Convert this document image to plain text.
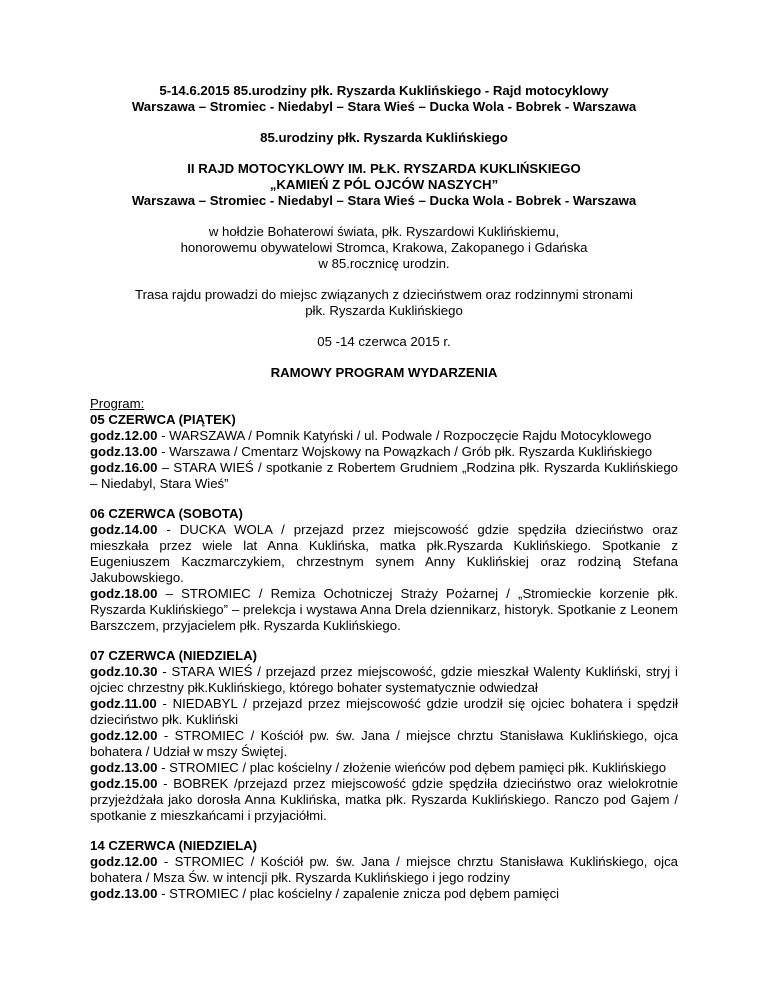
5-14.6.2015 85.urodziny płk. Ryszarda Kuklińskiego - Rajd motocyklowy
Warszawa – Stromiec - Niedabyl – Stara Wieś – Ducka Wola - Bobrek - Warszawa
85.urodziny płk. Ryszarda Kuklińskiego
II RAJD MOTOCYKLOWY IM. PŁK. RYSZARDA KUKLIŃSKIEGO
„KAMIEŃ Z PÓL OJCÓW NASZYCH”
Warszawa – Stromiec - Niedabyl – Stara Wieś – Ducka Wola - Bobrek - Warszawa
w hołdzie Bohaterowi świata, płk. Ryszardowi Kuklińskiemu,
honorowemu obywatelowi Stromca, Krakowa, Zakopanego i Gdańska
w 85.rocznicę urodzin.
Trasa rajdu prowadzi do miejsc związanych z dzieciństwem oraz rodzinnymi stronami
płk. Ryszarda Kuklińskiego
05 -14 czerwca 2015 r.
RAMOWY PROGRAM WYDARZENIA
Program:
05 CZERWCA (PIĄTEK)
godz.12.00 - WARSZAWA / Pomnik Katyński / ul. Podwale / Rozpoczęcie Rajdu Motocyklowego
godz.13.00 - Warszawa / Cmentarz Wojskowy na Powązkach / Grób płk. Ryszarda Kuklińskiego
godz.16.00 – STARA WIEŚ / spotkanie z Robertem Grudniem „Rodzina płk. Ryszarda Kuklińskiego – Niedabyl, Stara Wieś”
06 CZERWCA (SOBOTA)
godz.14.00 - DUCKA WOLA / przejazd przez miejscowość gdzie spędziła dzieciństwo oraz mieszkała przez wiele lat Anna Kuklińska, matka płk.Ryszarda Kuklińskiego. Spotkanie z Eugeniuszem Kaczmarczykiem, chrzestnym synem Anny Kuklińskiej oraz rodziną Stefana Jakubowskiego.
godz.18.00 – STROMIEC / Remiza Ochotniczej Straży Pożarnej / „Stromieckie korzenie płk. Ryszarda Kuklińskiego” – prelekcja i wystawa Anna Drela dziennikarz, historyk. Spotkanie z Leonem Barszczem, przyjacielem płk. Ryszarda Kuklińskiego.
07 CZERWCA (NIEDZIELA)
godz.10.30 - STARA WIEŚ / przejazd przez miejscowość, gdzie mieszkał Walenty Kukliński, stryj i ojciec chrzestny płk.Kuklińskiego, którego bohater systematycznie odwiedzał
godz.11.00 - NIEDABYL / przejazd przez miejscowość gdzie urodził się ojciec bohatera i spędził dzieciństwo płk. Kukliński
godz.12.00 - STROMIEC / Kościół pw. św. Jana / miejsce chrztu Stanisława Kuklińskiego, ojca bohatera / Udział w mszy Świętej.
godz.13.00 - STROMIEC / plac kościelny / złożenie wieńców pod dębem pamięci płk. Kuklińskiego
godz.15.00 - BOBREK /przejazd przez miejscowość gdzie spędziła dzieciństwo oraz wielokrotnie przyjeżdżała jako dorosła Anna Kuklińska, matka płk. Ryszarda Kuklińskiego. Ranczo pod Gajem / spotkanie z mieszkańcami i przyjaciółmi.
14 CZERWCA (NIEDZIELA)
godz.12.00 - STROMIEC / Kościół pw. św. Jana / miejsce chrztu Stanisława Kuklińskiego, ojca bohatera / Msza Św. w intencji płk. Ryszarda Kuklińskiego i jego rodziny
godz.13.00 - STROMIEC / plac kościelny / zapalenie znicza pod dębem pamięci
